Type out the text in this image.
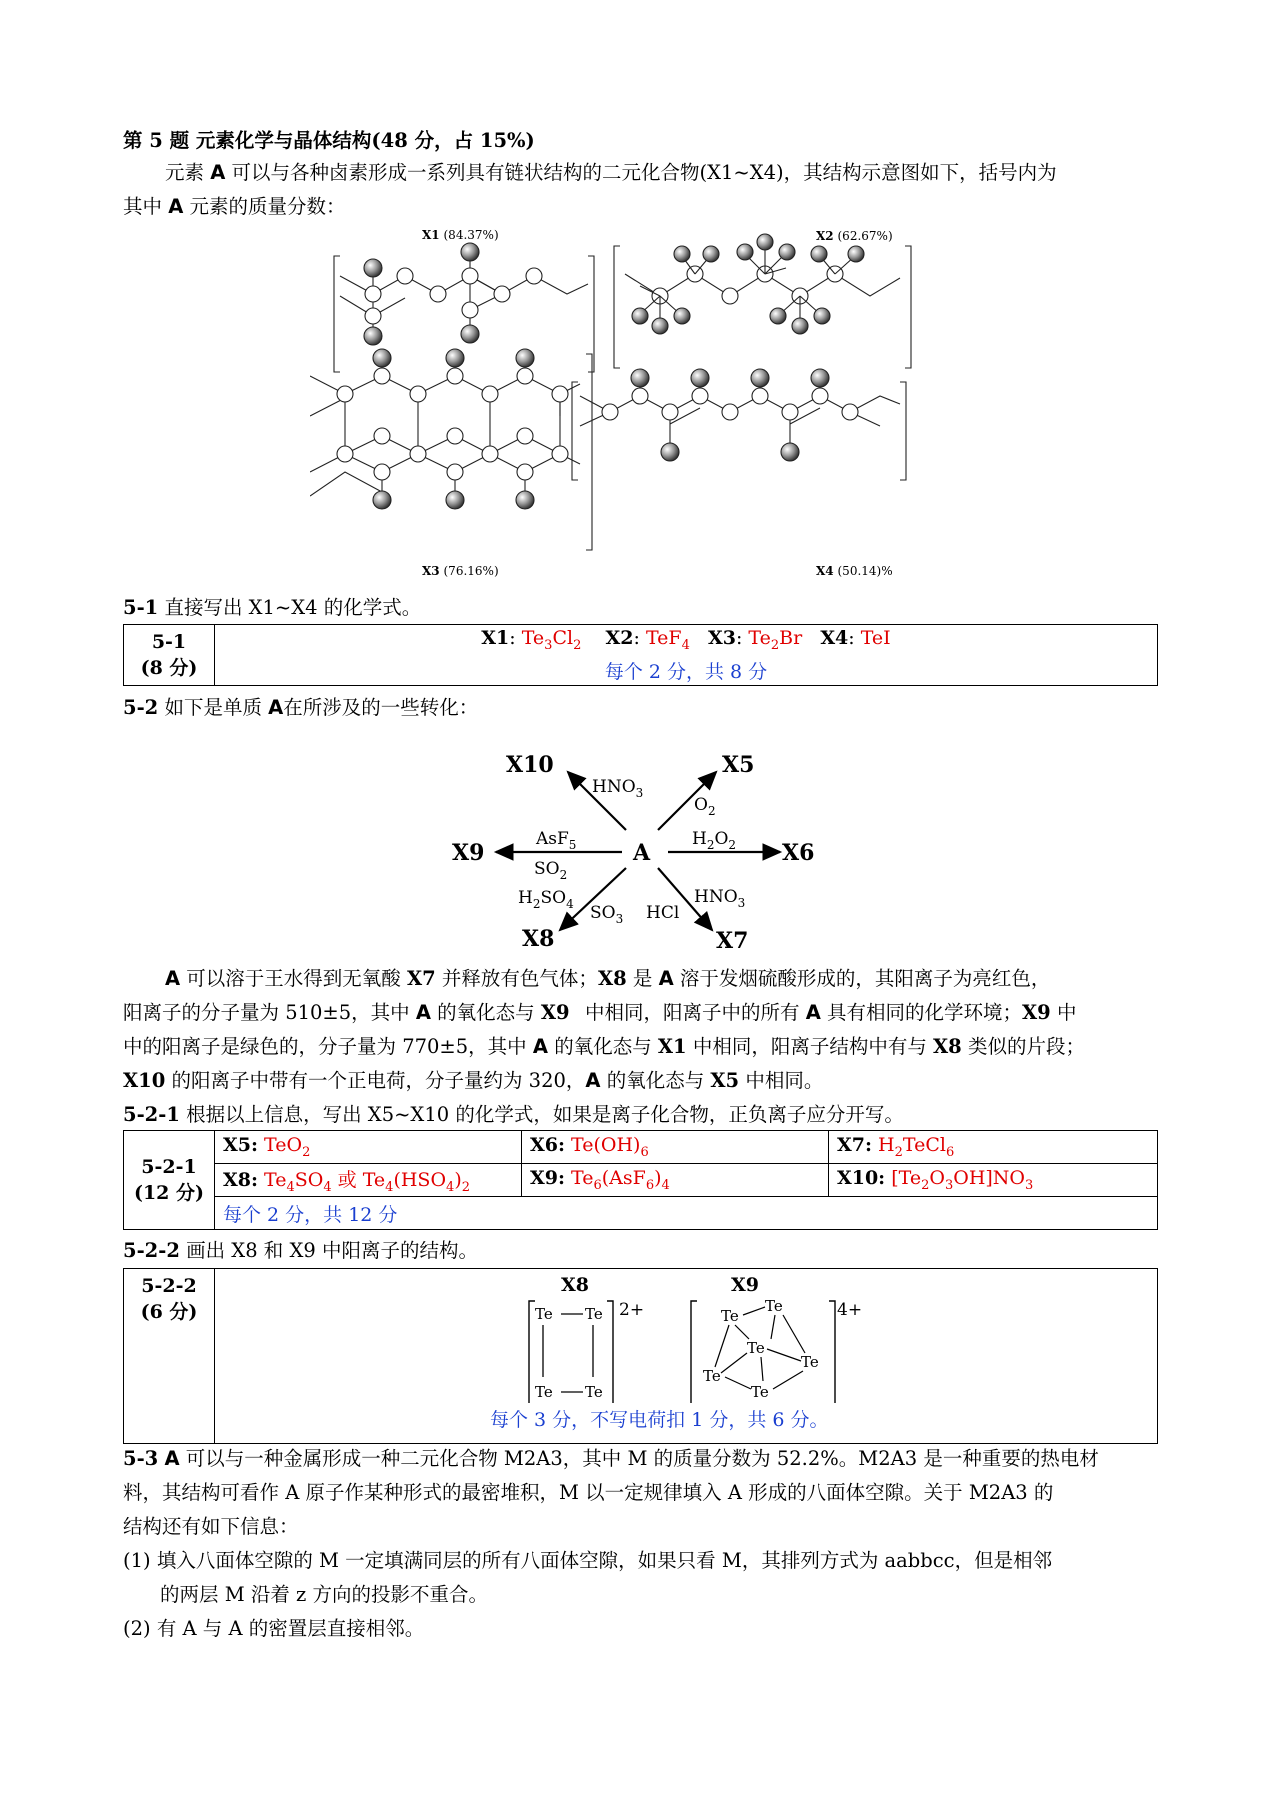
第 5 题 元素化学与晶体结构(48 分，占 15%)
元素 A 可以与各种卤素形成一系列具有链状结构的二元化合物(X1~X4)，其结构示意图如下，括号内为
其中 A 元素的质量分数：
X1 (84.37%)	X2 (62.67%)
X3 (76.16%)	X4 (50.14)%
5-1 直接写出 X1~X4 的化学式。
5-1
(8 分)
	X1: $Te_3Cl_2$ X2: TeF$_4$ X3: $Te_2Br$ X4: TeI
每个 2 分，共 8 分
5-2 如下是单质 A在所涉及的一些转化：
A
X10	X5
X6
X9
X8	X7
$HNO_3$
$O_2$
$H_2O_2$
AsF$_5$
$SO_2$
$H_2SO_4$ $SO_3$
$HNO_3$
HCl
A 可以溶于王水得到无氧酸 X7 并释放有色气体；X8 是 A 溶于发烟硫酸形成的，其阳离子为亮红色，
阳离子的分子量为 510±5，其中 A 的氧化态与 X9
中的阳离子是绿色的，分子量为 770±5，其中 A 的氧化态与 X1 中相同，阳离子结构中有与 X8 类似的片段；
X10 的阳离子中带有一个正电荷，分子量约为 320，A 的氧化态与 X5 中相同。
中相同，阳离子中的所有 A 具有相同的化学环境；X9 中
5-2-1 根据以上信息，写出 X5~X10 的化学式，如果是离子化合物，正负离子应分开写。
5-2-1
(12 分)	X5: TeO$_2$	X6: $Te(OH)_6$	X7: $H_2TeCl_6$
	X8: $Te_4SO_4$ 或 $Te_4(HSO_4)_2$	X9: $Te_6(AsF_6)_4$	X10: $[Te_2O_3OH]NO_3$
	每个 2 分，共 12 分		
5-2-2 画出 X8 和 X9 中阳离子的结构。
5-2-2
(6 分)

X8
2+
Te Te
Te Te
X9
4+
Te
Te
Te
Te
Te
Te
每个 3 分，不写电荷扣 1 分，共 6 分。
5-3 A 可以与一种金属形成一种二元化合物 M2A3，其中 M 的质量分数为 52.2%。M2A3 是一种重要的热电材
料，其结构可看作 A 原子作某种形式的最密堆积，M 以一定规律填入 A 形成的八面体空隙。关于 M2A3 的
结构还有如下信息：
(1) 填入八面体空隙的 M 一定填满同层的所有八面体空隙，如果只看 M，其排列方式为 aabbcc，但是相邻
的两层 M 沿着 z 方向的投影不重合。
(2) 有 A 与 A 的密置层直接相邻。
